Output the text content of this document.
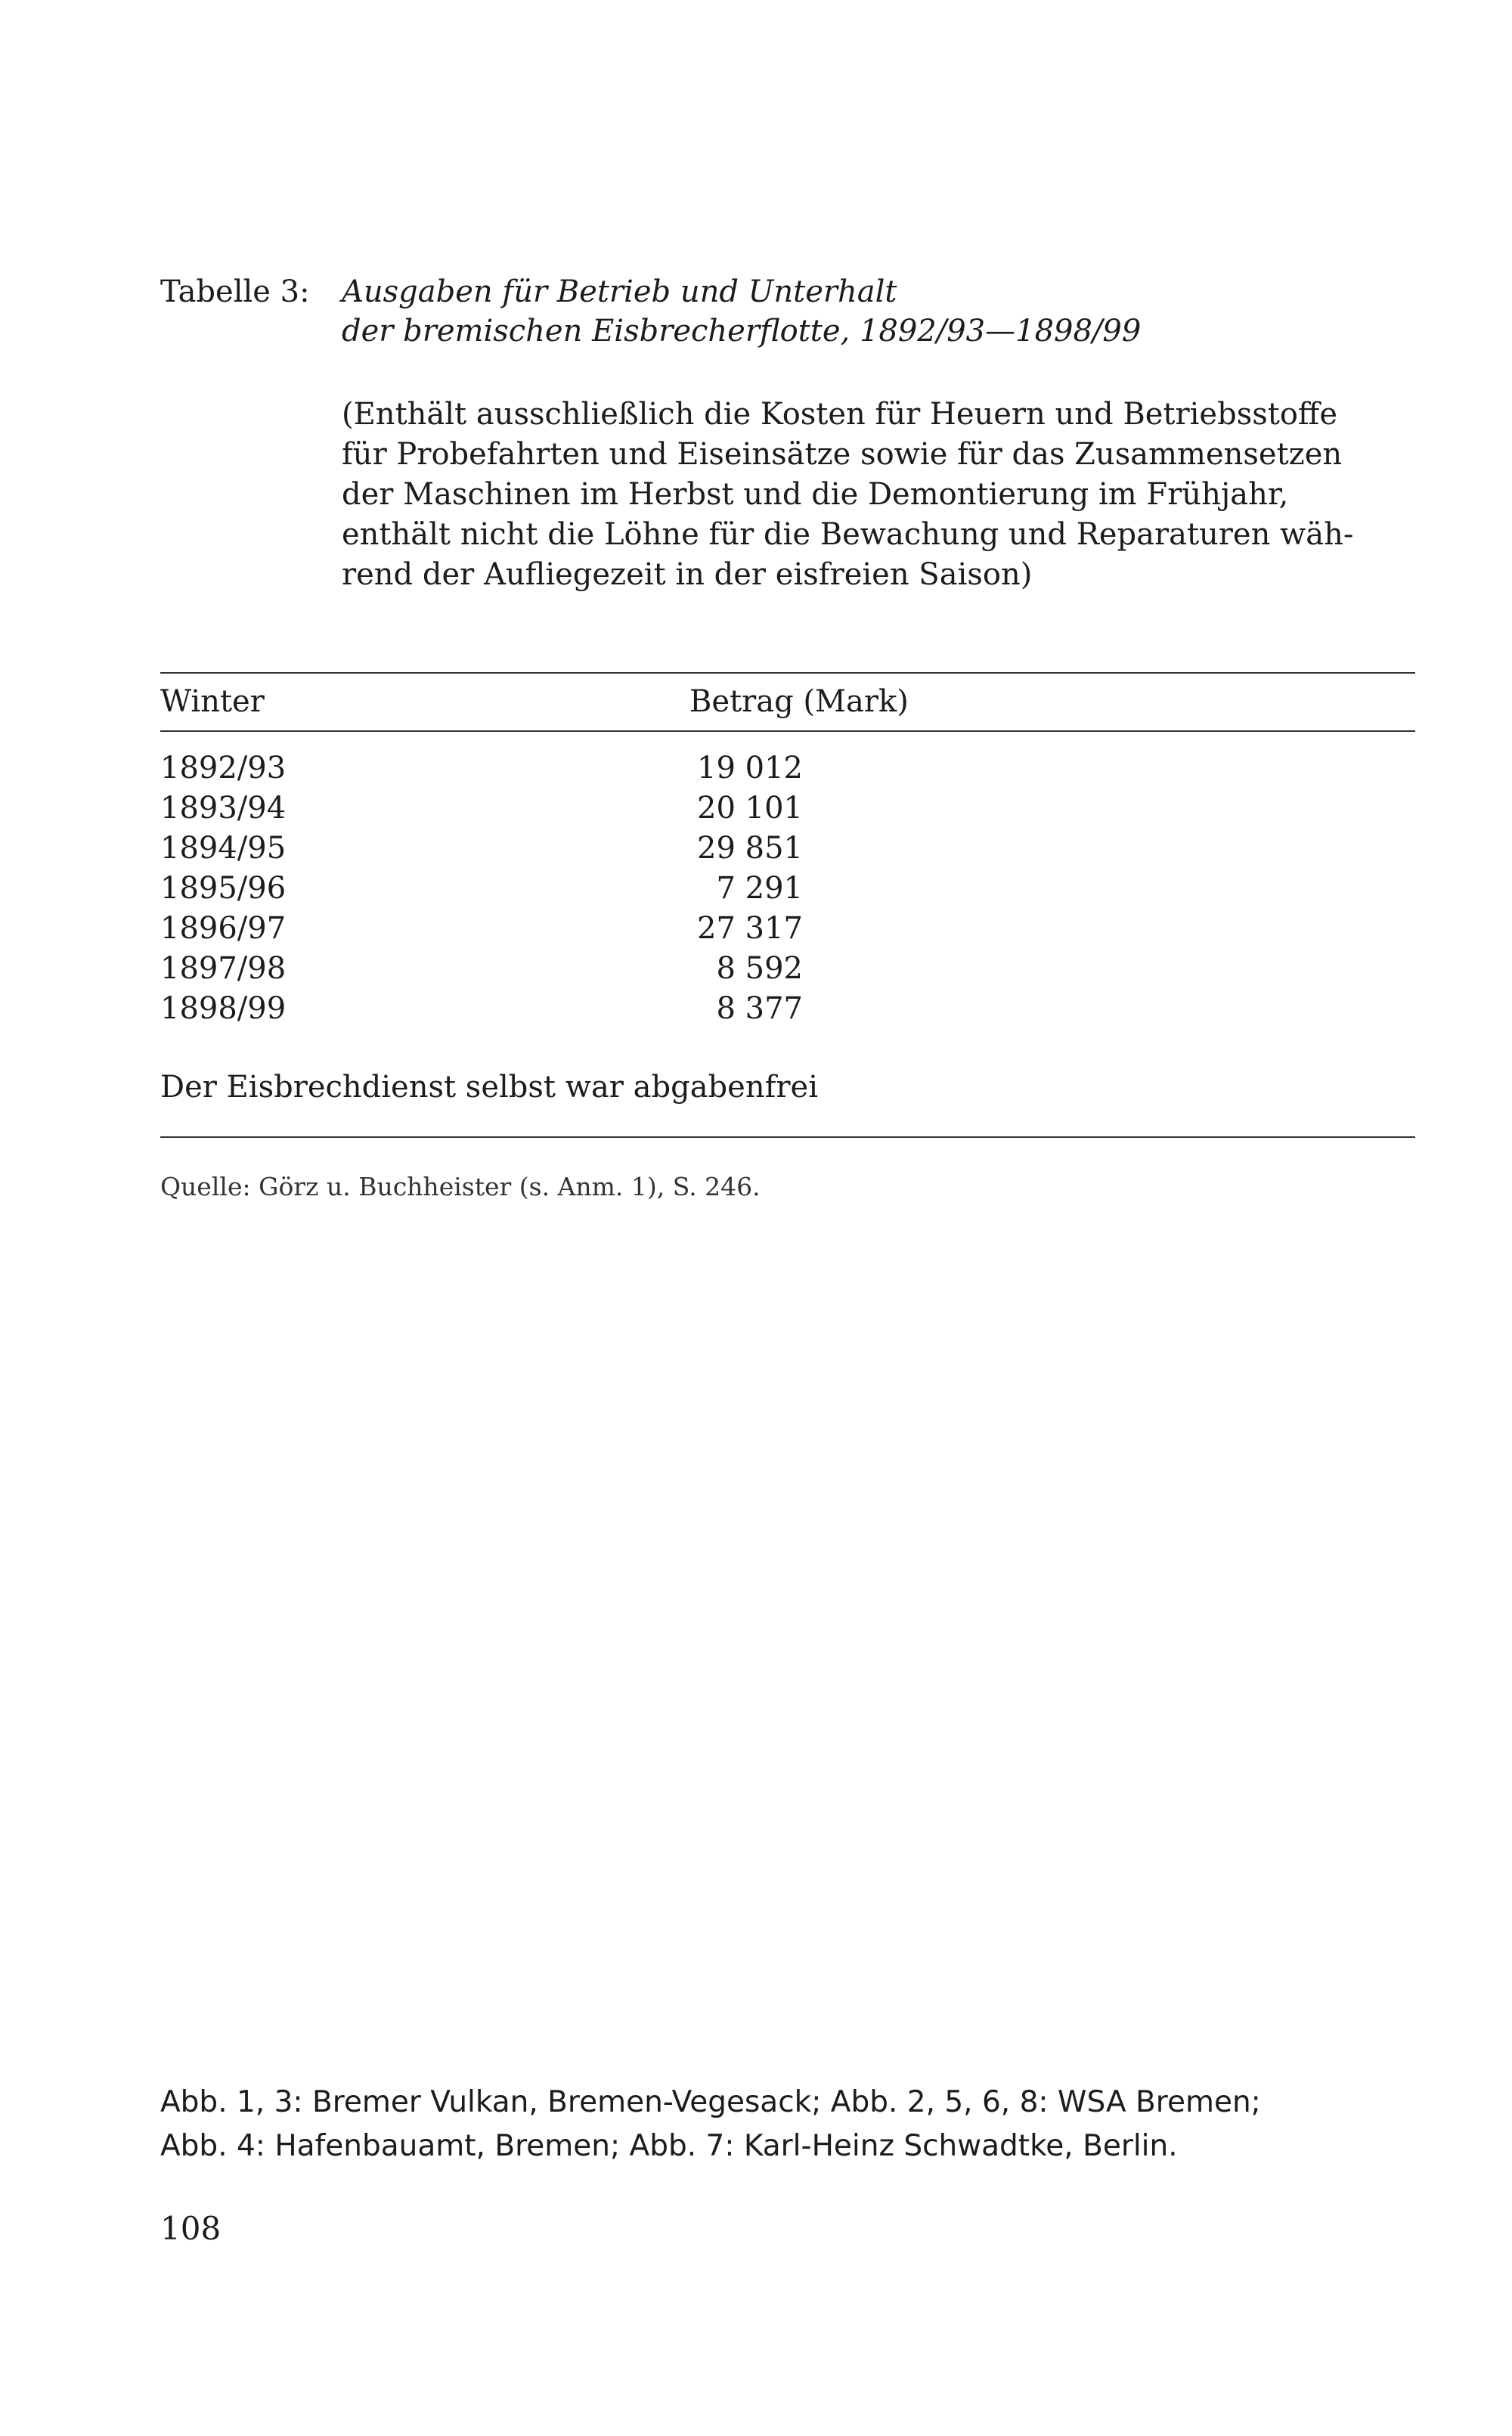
Tabelle 3: Ausgaben für Betrieb und Unterhalt
der bremischen Eisbrecherflotte, 1892/93—1898/99
(Enthält ausschließlich die Kosten für Heuern und Betriebsstoffe
für Probefahrten und Eiseinsätze sowie für das Zusammensetzen
der Maschinen im Herbst und die Demontierung im Frühjahr,
enthält nicht die Löhne für die Bewachung und Reparaturen wäh-
rend der Aufliegezeit in der eisfreien Saison)
Winter	Betrag (Mark)
1892/93	19 012
1893/94	20 101
1894/95	29 851
1895/96	7 291
1896/97	27 317
1897/98	8 592
1898/99	8 377
Der Eisbrechdienst selbst war abgabenfrei
Quelle: Görz u. Buchheister (s. Anm. 1), S. 246.
Abb. 1, 3: Bremer Vulkan, Bremen-Vegesack; Abb. 2, 5, 6, 8: WSA Bremen;
Abb. 4: Hafenbauamt, Bremen; Abb. 7: Karl-Heinz Schwadtke, Berlin.
108
